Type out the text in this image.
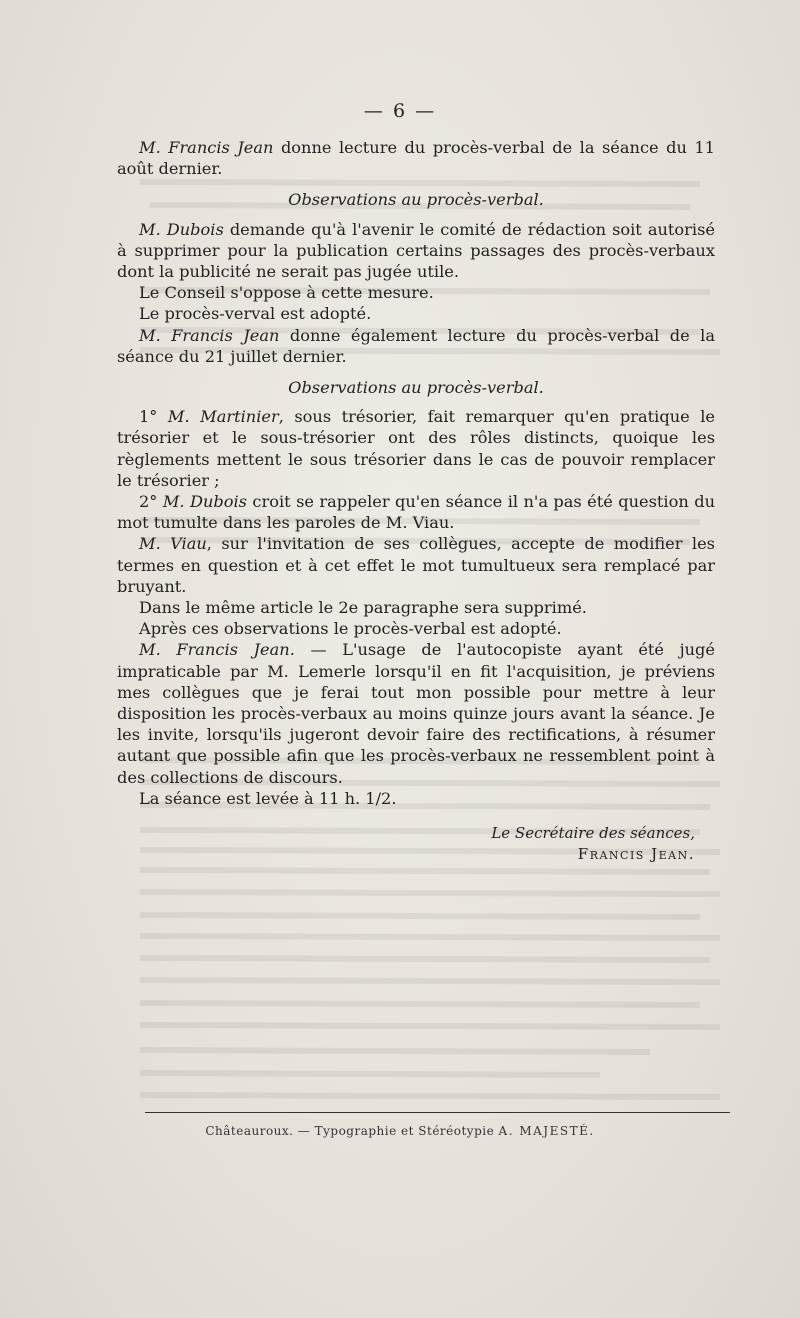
— 6 —

M. Francis Jean donne lecture du procès-verbal de la séance du 11 août dernier.

Observations au procès-verbal.

M. Dubois demande qu'à l'avenir le comité de rédaction soit autorisé à supprimer pour la publication certains passages des procès-verbaux dont la publicité ne serait pas jugée utile.

Le Conseil s'oppose à cette mesure.

Le procès-verval est adopté.

M. Francis Jean donne également lecture du procès-verbal de la séance du 21 juillet dernier.

Observations au procès-verbal.

1° M. Martinier, sous trésorier, fait remarquer qu'en pratique le trésorier et le sous-trésorier ont des rôles distincts, quoique les règlements mettent le sous trésorier dans le cas de pouvoir remplacer le trésorier ;

2° M. Dubois croit se rappeler qu'en séance il n'a pas été question du mot tumulte dans les paroles de M. Viau.

M. Viau, sur l'invitation de ses collègues, accepte de modifier les termes en question et à cet effet le mot tumultueux sera remplacé par bruyant.

Dans le même article le 2e paragraphe sera supprimé.

Après ces observations le procès-verbal est adopté.

M. Francis Jean. — L'usage de l'autocopiste ayant été jugé impraticable par M. Lemerle lorsqu'il en fit l'acquisition, je préviens mes collègues que je ferai tout mon possible pour mettre à leur disposition les procès-verbaux au moins quinze jours avant la séance. Je les invite, lorsqu'ils jugeront devoir faire des rectifications, à résumer autant que possible afin que les procès-verbaux ne ressemblent point à des collections de discours.

La séance est levée à 11 h. 1/2.

Le Secrétaire des séances,
Francis Jean.
Châteauroux. — Typographie et Stéréotypie A. MAJESTÉ.
